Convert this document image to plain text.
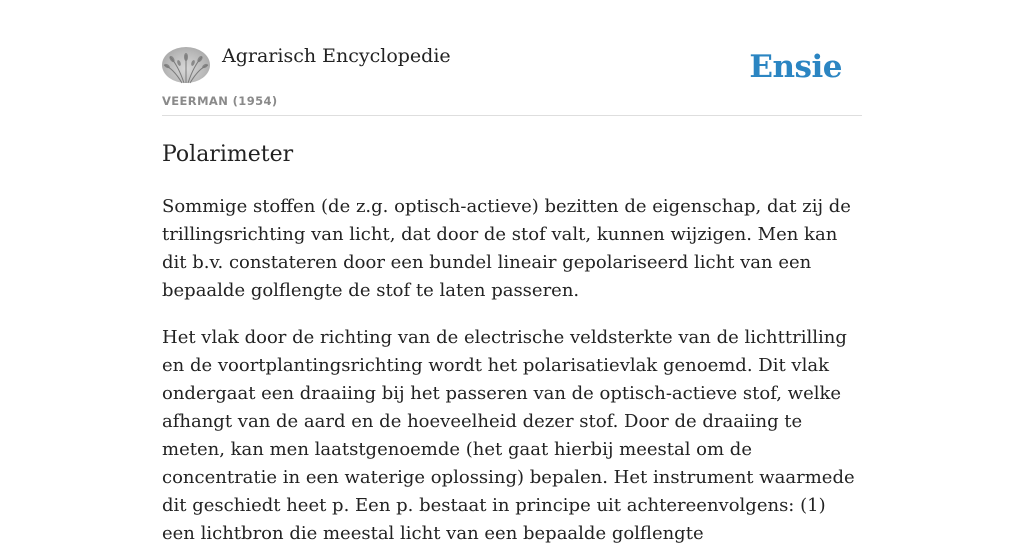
Agrarisch Encyclopedie
VEERMAN (1954)
Ensie
Polarimeter

Sommige stoffen (de z.g. optisch-actieve) bezitten de eigenschap, dat zij de trillingsrichting van licht, dat door de stof valt, kunnen wijzigen. Men kan dit b.v. constateren door een bundel lineair gepolariseerd licht van een bepaalde golflengte de stof te laten passeren.

Het vlak door de richting van de electrische veldsterkte van de lichttrilling en de voortplantingsrichting wordt het polarisatievlak genoemd. Dit vlak ondergaat een draaiing bij het passeren van de optisch-actieve stof, welke afhangt van de aard en de hoeveelheid dezer stof. Door de draaiing te meten, kan men laatstgenoemde (het gaat hierbij meestal om de concentratie in een waterige oplossing) bepalen. Het instrument waarmede dit geschiedt heet p. Een p. bestaat in principe uit achtereenvolgens: (1) een lichtbron die meestal licht van een bepaalde golflengte
